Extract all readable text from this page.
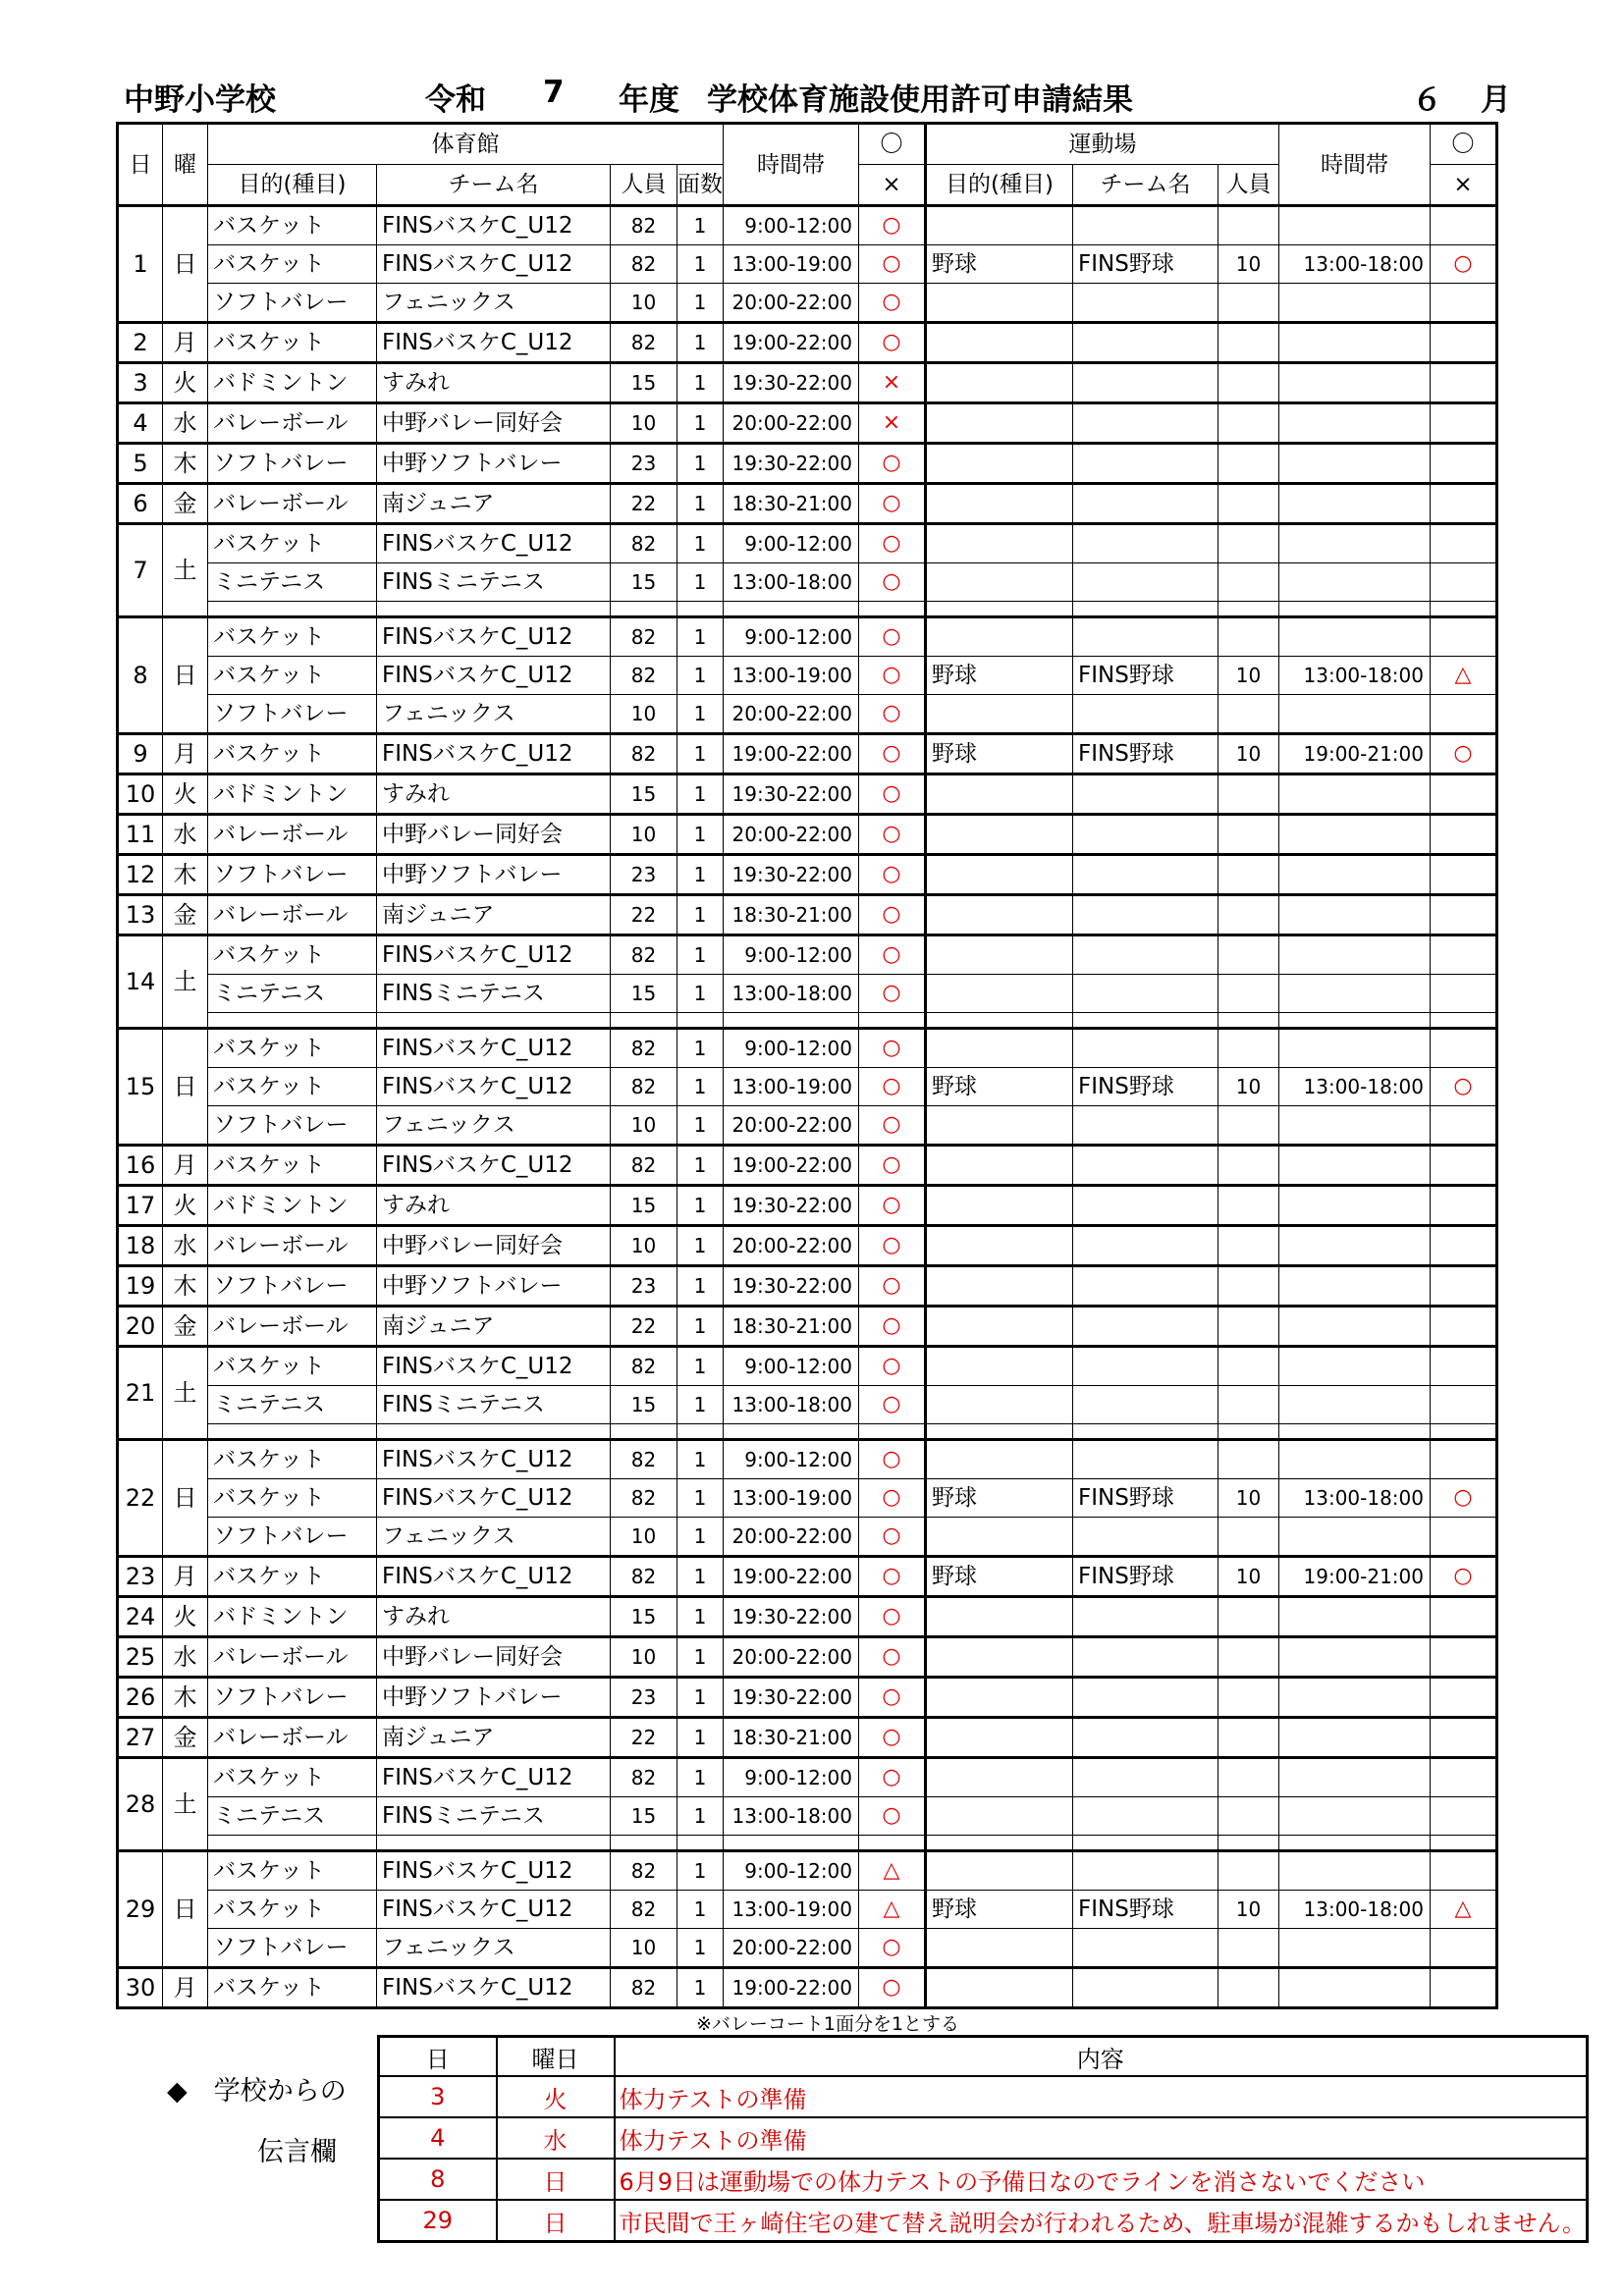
中野小学校	令和 7 年度 学校体育施設使用許可申請結果	６ 月
日	曜	体育館				時間帯	〇	運動場			時間帯	〇
		目的(種目)	チーム名	人員	面数		×	目的(種目)	チーム名	人員		×
1	日	バスケット	FINSバスケC_U12	82	1	9:00-12:00	○					
		バスケット	FINSバスケC_U12	82	1	13:00-19:00	○	野球	FINS野球	10	13:00-18:00	○
		ソフトバレー	フェニックス	10	1	20:00-22:00	○					
2	月	バスケット	FINSバスケC_U12	82	1	19:00-22:00	○					
3	火	バドミントン	すみれ	15	1	19:30-22:00	×					
4	水	バレーボール	中野バレー同好会	10	1	20:00-22:00	×					
5	木	ソフトバレー	中野ソフトバレー	23	1	19:30-22:00	○					
6	金	バレーボール	南ジュニア	22	1	18:30-21:00	○					
7	土	バスケット	FINSバスケC_U12	82	1	9:00-12:00	○					
		ミニテニス	FINSミニテニス	15	1	13:00-18:00	○					

8	日	バスケット	FINSバスケC_U12	82	1	9:00-12:00	○					
		バスケット	FINSバスケC_U12	82	1	13:00-19:00	○	野球	FINS野球	10	13:00-18:00	△
		ソフトバレー	フェニックス	10	1	20:00-22:00	○					
9	月	バスケット	FINSバスケC_U12	82	1	19:00-22:00	○	野球	FINS野球	10	19:00-21:00	○
10	火	バドミントン	すみれ	15	1	19:30-22:00	○					
11	水	バレーボール	中野バレー同好会	10	1	20:00-22:00	○					
12	木	ソフトバレー	中野ソフトバレー	23	1	19:30-22:00	○					
13	金	バレーボール	南ジュニア	22	1	18:30-21:00	○					
14	土	バスケット	FINSバスケC_U12	82	1	9:00-12:00	○					
		ミニテニス	FINSミニテニス	15	1	13:00-18:00	○					

15	日	バスケット	FINSバスケC_U12	82	1	9:00-12:00	○					
		バスケット	FINSバスケC_U12	82	1	13:00-19:00	○	野球	FINS野球	10	13:00-18:00	○
		ソフトバレー	フェニックス	10	1	20:00-22:00	○					
16	月	バスケット	FINSバスケC_U12	82	1	19:00-22:00	○					
17	火	バドミントン	すみれ	15	1	19:30-22:00	○					
18	水	バレーボール	中野バレー同好会	10	1	20:00-22:00	○					
19	木	ソフトバレー	中野ソフトバレー	23	1	19:30-22:00	○					
20	金	バレーボール	南ジュニア	22	1	18:30-21:00	○					
21	土	バスケット	FINSバスケC_U12	82	1	9:00-12:00	○					
		ミニテニス	FINSミニテニス	15	1	13:00-18:00	○					

22	日	バスケット	FINSバスケC_U12	82	1	9:00-12:00	○					
		バスケット	FINSバスケC_U12	82	1	13:00-19:00	○	野球	FINS野球	10	13:00-18:00	○
		ソフトバレー	フェニックス	10	1	20:00-22:00	○					
23	月	バスケット	FINSバスケC_U12	82	1	19:00-22:00	○	野球	FINS野球	10	19:00-21:00	○
24	火	バドミントン	すみれ	15	1	19:30-22:00	○					
25	水	バレーボール	中野バレー同好会	10	1	20:00-22:00	○					
26	木	ソフトバレー	中野ソフトバレー	23	1	19:30-22:00	○					
27	金	バレーボール	南ジュニア	22	1	18:30-21:00	○					
28	土	バスケット	FINSバスケC_U12	82	1	9:00-12:00	○					
		ミニテニス	FINSミニテニス	15	1	13:00-18:00	○					

29	日	バスケット	FINSバスケC_U12	82	1	9:00-12:00	△					
		バスケット	FINSバスケC_U12	82	1	13:00-19:00	△	野球	FINS野球	10	13:00-18:00	△
		ソフトバレー	フェニックス	10	1	20:00-22:00	○					
30	月	バスケット	FINSバスケC_U12	82	1	19:00-22:00	○					
※バレーコート1面分を1とする
◆　学校からの
伝言欄
日	曜日	内容
3	火	体力テストの準備
4	水	体力テストの準備
8	日	6月9日は運動場での体力テストの予備日なのでラインを消さないでください
29	日	市民間で王ヶ崎住宅の建て替え説明会が行われるため、駐車場が混雑するかもしれません。
